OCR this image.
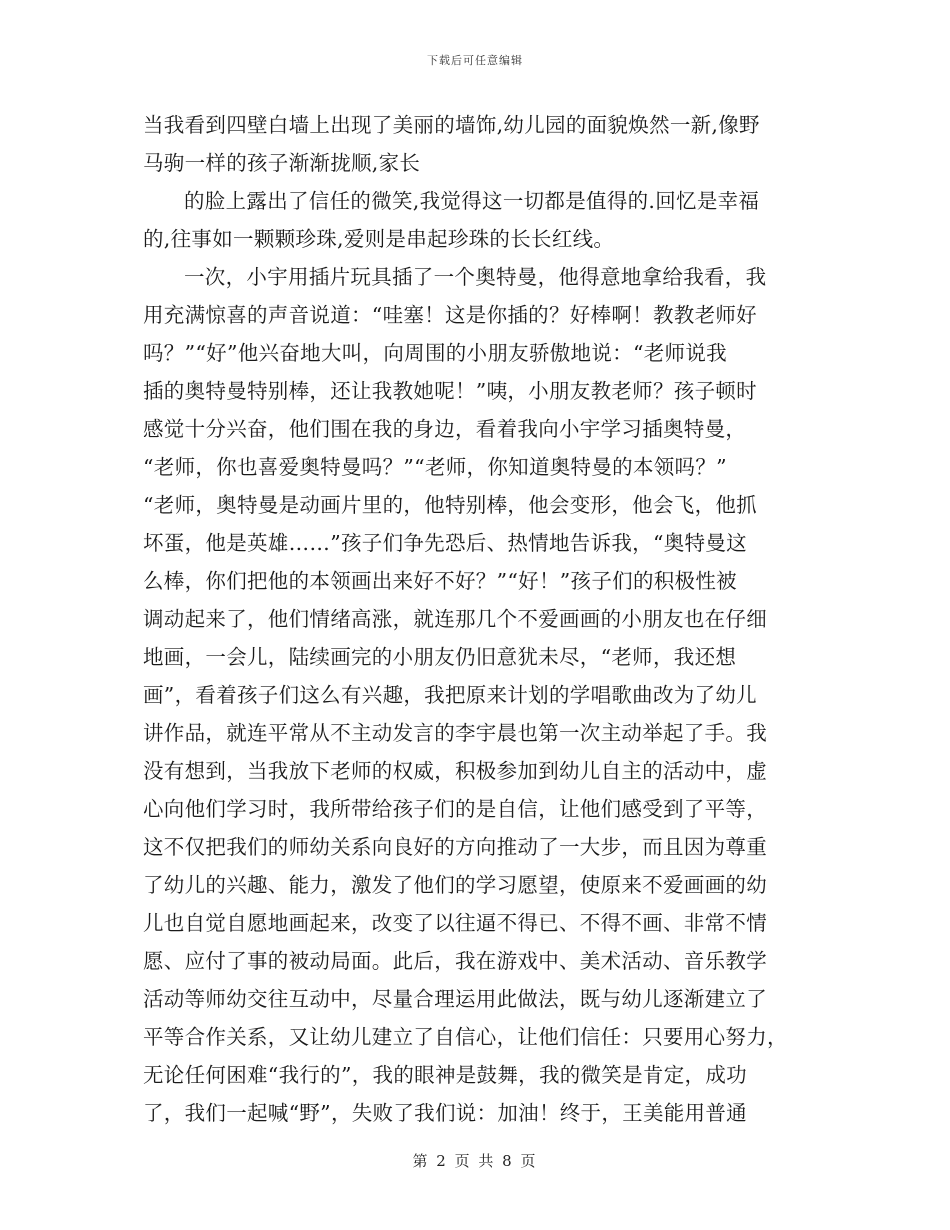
下载后可任意编辑
当我看到四壁白墙上出现了美丽的墙饰,幼儿园的面貌焕然一新,像野
马驹一样的孩子渐渐拢顺,家长
的脸上露出了信任的微笑,我觉得这一切都是值得的.回忆是幸福
的,往事如一颗颗珍珠,爱则是串起珍珠的长长红线。
一次，小宇用插片玩具插了一个奥特曼，他得意地拿给我看，我
用充满惊喜的声音说道：“哇塞！这是你插的？好棒啊！教教老师好
吗？”“好”他兴奋地大叫，向周围的小朋友骄傲地说：“老师说我
插的奥特曼特别棒，还让我教她呢！”咦，小朋友教老师？孩子顿时
感觉十分兴奋，他们围在我的身边，看着我向小宇学习插奥特曼，
“老师，你也喜爱奥特曼吗？”“老师，你知道奥特曼的本领吗？”
“老师，奥特曼是动画片里的，他特别棒，他会变形，他会飞，他抓
坏蛋，他是英雄……”孩子们争先恐后、热情地告诉我，“奥特曼这
么棒，你们把他的本领画出来好不好？”“好！”孩子们的积极性被
调动起来了，他们情绪高涨，就连那几个不爱画画的小朋友也在仔细
地画，一会儿，陆续画完的小朋友仍旧意犹未尽，“老师，我还想
画”，看着孩子们这么有兴趣，我把原来计划的学唱歌曲改为了幼儿
讲作品，就连平常从不主动发言的李宇晨也第一次主动举起了手。我
没有想到，当我放下老师的权威，积极参加到幼儿自主的活动中，虚
心向他们学习时，我所带给孩子们的是自信，让他们感受到了平等，
这不仅把我们的师幼关系向良好的方向推动了一大步，而且因为尊重
了幼儿的兴趣、能力，激发了他们的学习愿望，使原来不爱画画的幼
儿也自觉自愿地画起来，改变了以往逼不得已、不得不画、非常不情
愿、应付了事的被动局面。此后，我在游戏中、美术活动、音乐教学
活动等师幼交往互动中，尽量合理运用此做法，既与幼儿逐渐建立了
平等合作关系，又让幼儿建立了自信心，让他们信任：只要用心努力，
无论任何困难“我行的”，我的眼神是鼓舞，我的微笑是肯定，成功
了，我们一起喊“野”，失败了我们说：加油！终于，王美能用普通
第 2 页 共 8 页
